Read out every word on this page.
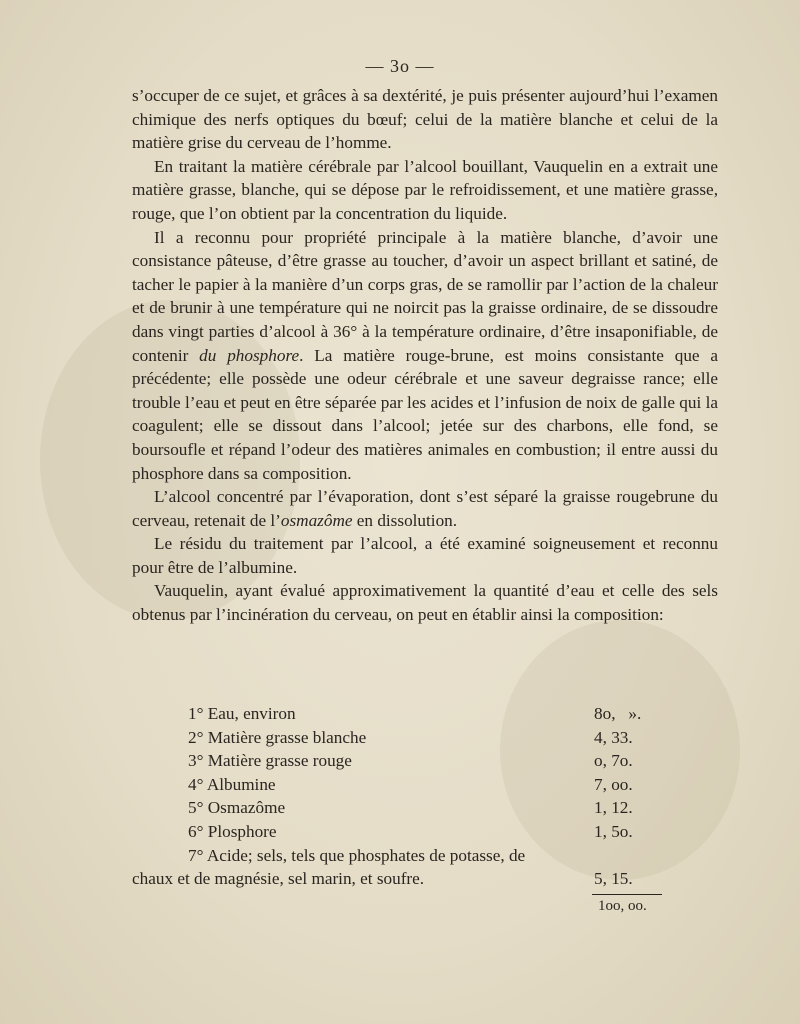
— 3o —

s’occuper de ce sujet, et grâces à sa dextérité, je puis présenter aujourd’hui l’examen chimique des nerfs optiques du bœuf; celui de la matière blanche et celui de la matière grise du cerveau de l’homme.

En traitant la matière cérébrale par l’alcool bouillant, Vauquelin en a extrait une matière grasse, blanche, qui se dépose par le refroidissement, et une matière grasse, rouge, que l’on obtient par la concentration du liquide.

Il a reconnu pour propriété principale à la matière blanche, d’avoir une consistance pâteuse, d’être grasse au toucher, d’avoir un aspect brillant et satiné, de tacher le papier à la manière d’un corps gras, de se ramollir par l’action de la chaleur et de brunir à une température qui ne noircit pas la graisse ordinaire, de se dissoudre dans vingt parties d’alcool à 36° à la température ordinaire, d’être insaponifiable, de contenir du phosphore. La matière rouge-brune, est moins consistante que a précédente; elle possède une odeur cérébrale et une saveur degraisse rance; elle trouble l’eau et peut en être séparée par les acides et l’infusion de noix de galle qui la coagulent; elle se dissout dans l’alcool; jetée sur des charbons, elle fond, se boursoufle et répand l’odeur des matières animales en combustion; il entre aussi du phosphore dans sa composition.

L’alcool concentré par l’évaporation, dont s’est séparé la graisse rougebrune du cerveau, retenait de l’osmazôme en dissolution.

Le résidu du traitement par l’alcool, a été examiné soigneusement et reconnu pour être de l’albumine.

Vauquelin, ayant évalué approximativement la quantité d’eau et celle des sels obtenus par l’incinération du cerveau, on peut en établir ainsi la composition:

1° Eau, environ	8o,   ».
2° Matière grasse blanche	4, 33.
3° Matière grasse rouge	o, 7o.
4° Albumine	7, oo.
5° Osmazôme	1, 12.
6° Plosphore	1, 5o.
7° Acide; sels, tels que phosphates de potasse, de
chaux et de magnésie, sel marin, et soufre.	5, 15.
1oo, oo.
